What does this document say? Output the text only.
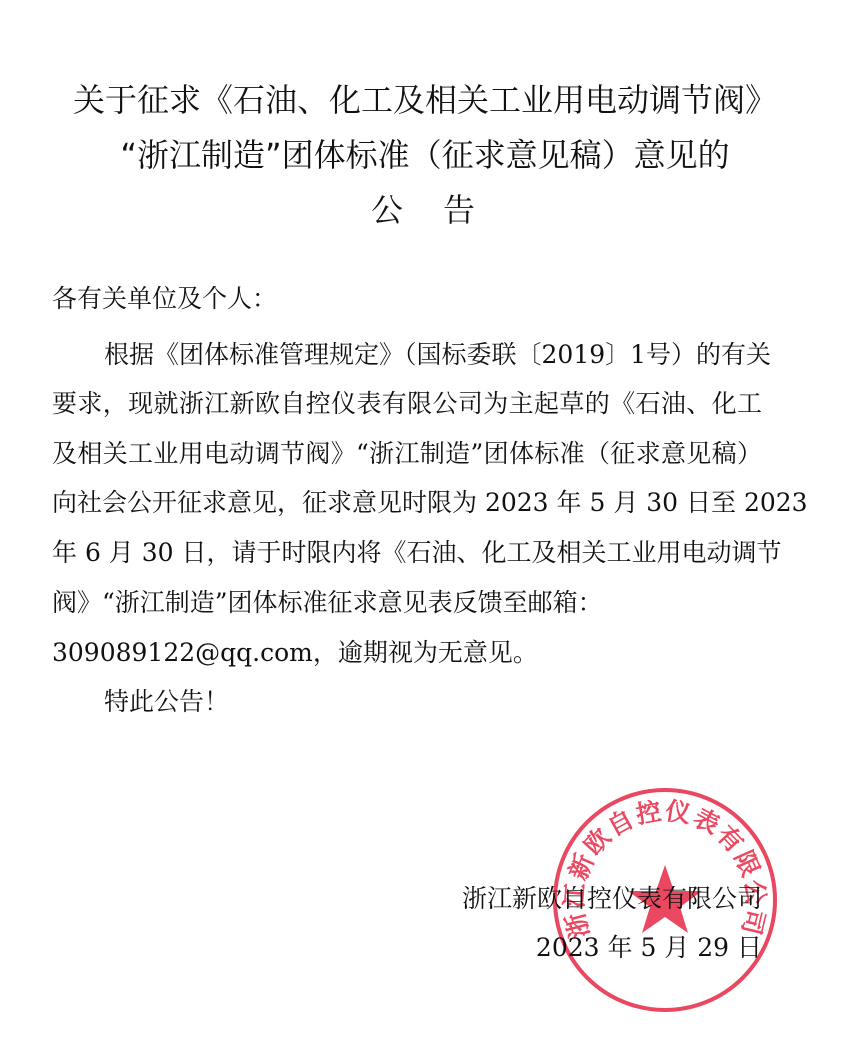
关于征求《石油、化工及相关工业用电动调节阀》
“浙江制造”团体标准（征求意见稿）意见的
公　告
各有关单位及个人：
根据《团体标准管理规定》（国标委联〔2019〕1号）的有关
要求，现就浙江新欧自控仪表有限公司为主起草的《石油、化工
及相关工业用电动调节阀》“浙江制造”团体标准（征求意见稿）
向社会公开征求意见，征求意见时限为 2023 年 5 月 30 日至 2023
年 6 月 30 日，请于时限内将《石油、化工及相关工业用电动调节
阀》“浙江制造”团体标准征求意见表反馈至邮箱：
309089122@qq.com，逾期视为无意见。
特此公告！
浙江新欧自控仪表有限公司
2023 年 5 月 29 日
